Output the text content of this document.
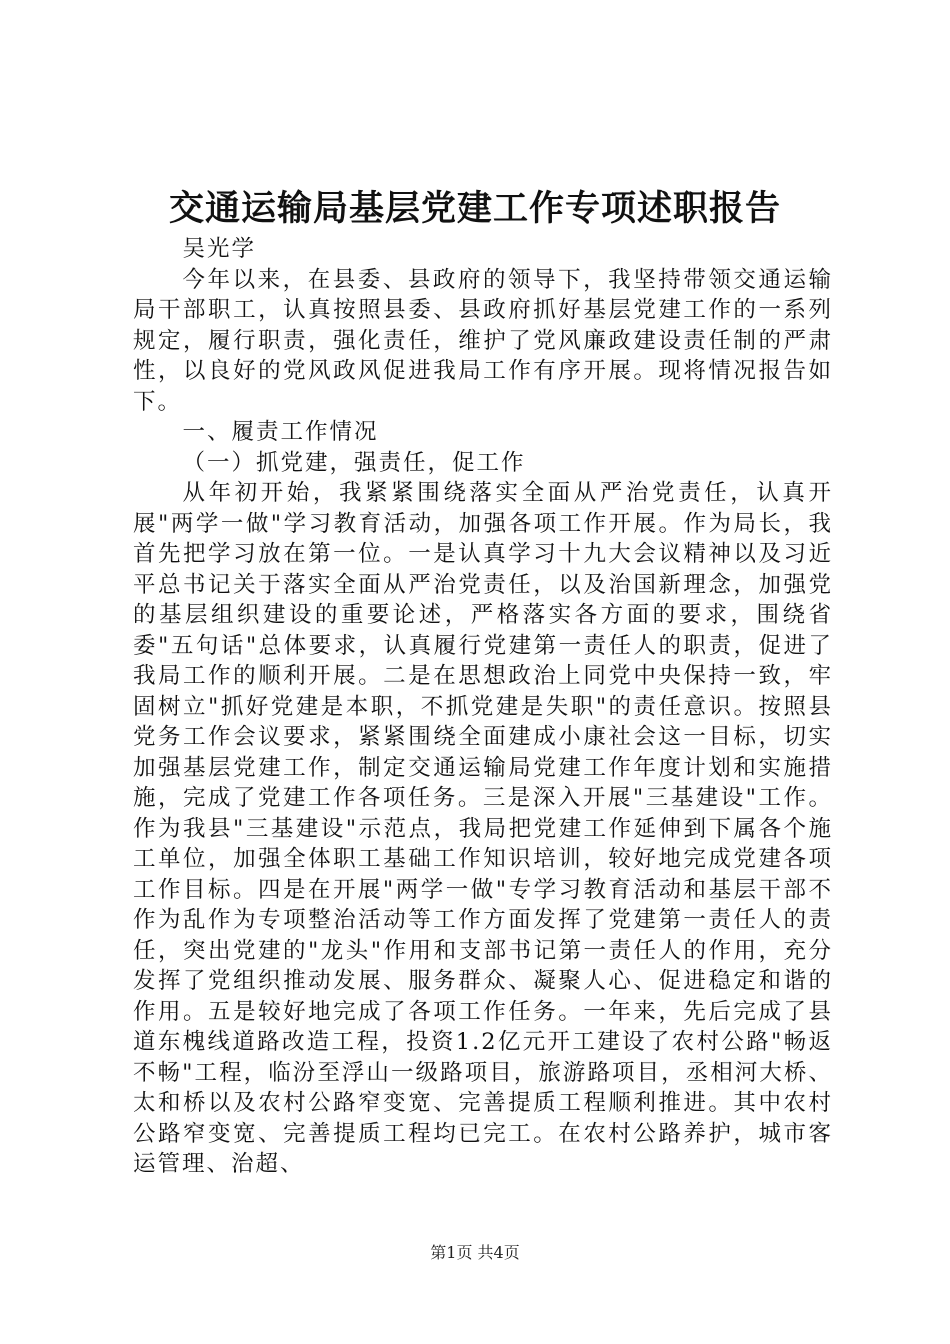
交通运输局基层党建工作专项述职报告

吴光学

今年以来，在县委、县政府的领导下，我坚持带领交通运输局干部职工，认真按照县委、县政府抓好基层党建工作的一系列规定，履行职责，强化责任，维护了党风廉政建设责任制的严肃性，以良好的党风政风促进我局工作有序开展。现将情况报告如下。

一、履责工作情况

（一）抓党建，强责任，促工作

从年初开始，我紧紧围绕落实全面从严治党责任，认真开展"两学一做"学习教育活动，加强各项工作开展。作为局长，我首先把学习放在第一位。一是认真学习十九大会议精神以及习近平总书记关于落实全面从严治党责任，以及治国新理念，加强党的基层组织建设的重要论述，严格落实各方面的要求，围绕省委"五句话"总体要求，认真履行党建第一责任人的职责，促进了我局工作的顺利开展。二是在思想政治上同党中央保持一致，牢固树立"抓好党建是本职，不抓党建是失职"的责任意识。按照县党务工作会议要求，紧紧围绕全面建成小康社会这一目标，切实加强基层党建工作，制定交通运输局党建工作年度计划和实施措施，完成了党建工作各项任务。三是深入开展"三基建设"工作。作为我县"三基建设"示范点，我局把党建工作延伸到下属各个施工单位，加强全体职工基础工作知识培训，较好地完成党建各项工作目标。四是在开展"两学一做"专学习教育活动和基层干部不作为乱作为专项整治活动等工作方面发挥了党建第一责任人的责任，突出党建的"龙头"作用和支部书记第一责任人的作用，充分发挥了党组织推动发展、服务群众、凝聚人心、促进稳定和谐的作用。五是较好地完成了各项工作任务。一年来，先后完成了县道东槐线道路改造工程，投资1.2亿元开工建设了农村公路"畅返不畅"工程，临汾至浮山一级路项目，旅游路项目，丞相河大桥、太和桥以及农村公路窄变宽、完善提质工程顺利推进。其中农村公路窄变宽、完善提质工程均已完工。在农村公路养护，城市客运管理、治超、

第1页 共4页
